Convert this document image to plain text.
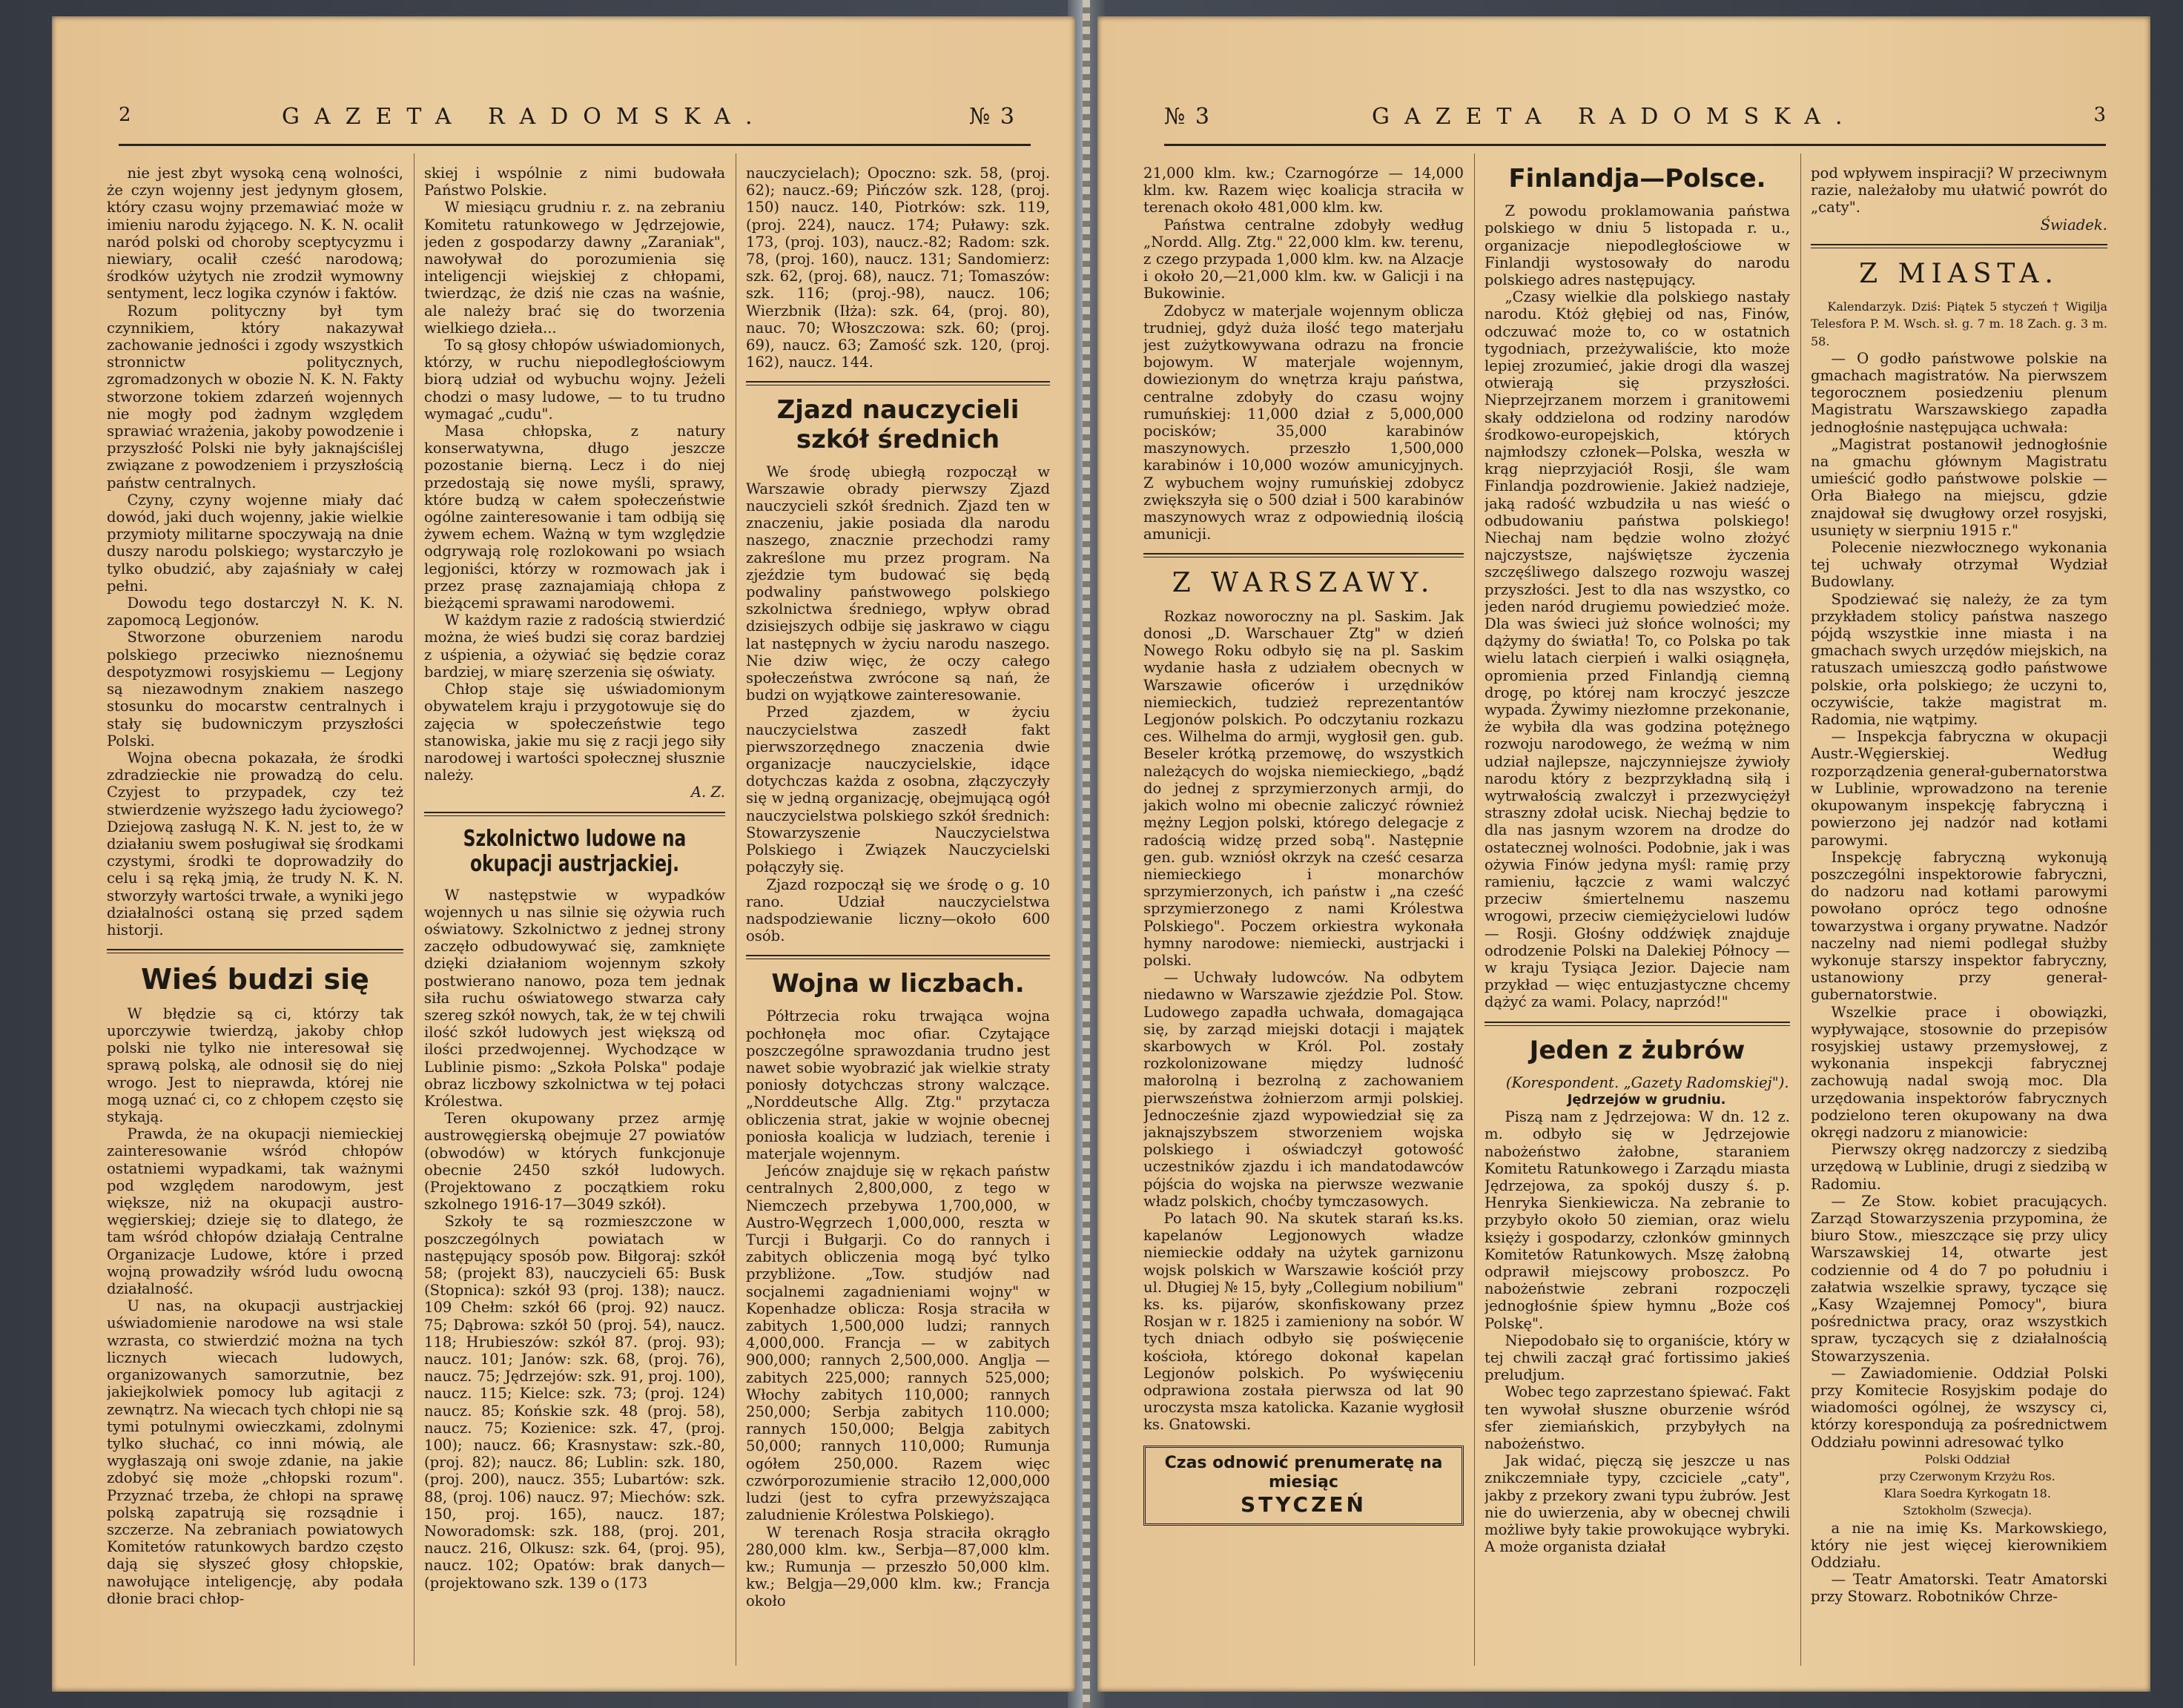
2	GAZETA RADOMSKA.	№ 3

nie jest zbyt wysoką ceną wolności, że czyn wojenny jest jedynym głosem, który czasu wojny przemawiać może w imieniu narodu żyjącego. N. K. N. ocalił naród polski od choroby sceptycyzmu i niewiary, ocalił cześć narodową; środków użytych nie zrodził wymowny sentyment, lecz logika czynów i faktów.

Rozum polityczny był tym czynnikiem, który nakazywał zachowanie jedności i zgody wszystkich stronnictw politycznych, zgromadzonych w obozie N. K. N. Fakty stworzone tokiem zdarzeń wojennych nie mogły pod żadnym względem sprawiać wrażenia, jakoby powodzenie i przyszłość Polski nie były jaknajściślej związane z powodzeniem i przyszłością państw centralnych.

Czyny, czyny wojenne miały dać dowód, jaki duch wojenny, jakie wielkie przymioty militarne spoczywają na dnie duszy narodu polskiego; wystarczyło je tylko obudzić, aby zajaśniały w całej pełni.

Dowodu tego dostarczył N. K. N. zapomocą Legjonów.

Stworzone oburzeniem narodu polskiego przeciwko nieznośnemu despotyzmowi rosyjskiemu — Legjony są niezawodnym znakiem naszego stosunku do mocarstw centralnych i stały się budowniczym przyszłości Polski.

Wojna obecna pokazała, że środki zdradzieckie nie prowadzą do celu. Czyjest to przypadek, czy też stwierdzenie wyższego ładu życiowego? Dziejową zasługą N. K. N. jest to, że w działaniu swem posługiwał się środkami czystymi, środki te doprowadziły do celu i są ręką jmią, że trudy N. K. N. stworzyły wartości trwałe, a wyniki jego działalności ostaną się przed sądem historji.

Wieś budzi się

W błędzie są ci, którzy tak uporczywie twierdzą, jakoby chłop polski nie tylko nie interesował się sprawą polską, ale odnosił się do niej wrogo. Jest to nieprawda, której nie mogą uznać ci, co z chłopem często się stykają.

Prawda, że na okupacji niemieckiej zainteresowanie wśród chłopów ostatniemi wypadkami, tak ważnymi pod względem narodowym, jest większe, niż na okupacji austro-węgierskiej; dzieje się to dlatego, że tam wśród chłopów działają Centralne Organizacje Ludowe, które i przed wojną prowadziły wśród ludu owocną działalność.

U nas, na okupacji austrjackiej uświadomienie narodowe na wsi stale wzrasta, co stwierdzić można na tych licznych wiecach ludowych, organizowanych samorzutnie, bez jakiejkolwiek pomocy lub agitacji z zewnątrz. Na wiecach tych chłopi nie są tymi potulnymi owieczkami, zdolnymi tylko słuchać, co inni mówią, ale wygłaszają oni swoje zdanie, na jakie zdobyć się może „chłopski rozum". Przyznać trzeba, że chłopi na sprawę polską zapatrują się rozsądnie i szczerze. Na zebraniach powiatowych Komitetów ratunkowych bardzo często dają się słyszeć głosy chłopskie, nawołujące inteligencję, aby podała dłonie braci chłop-

skiej i wspólnie z nimi budowała Państwo Polskie.

W miesiącu grudniu r. z. na zebraniu Komitetu ratunkowego w Jędrzejowie, jeden z gospodarzy dawny „Zaraniak", nawoływał do porozumienia się inteligencji wiejskiej z chłopami, twierdząc, że dziś nie czas na waśnie, ale należy brać się do tworzenia wielkiego dzieła...

To są głosy chłopów uświadomionych, którzy, w ruchu niepodległościowym biorą udział od wybuchu wojny. Jeżeli chodzi o masy ludowe, — to tu trudno wymagać „cudu".

Masa chłopska, z natury konserwatywna, długo jeszcze pozostanie bierną. Lecz i do niej przedostają się nowe myśli, sprawy, które budzą w całem społeczeństwie ogólne zainteresowanie i tam odbiją się żywem echem. Ważną w tym względzie odgrywają rolę rozlokowani po wsiach legjoniści, którzy w rozmowach jak i przez prasę zaznajamiają chłopa z bieżącemi sprawami narodowemi.

W każdym razie z radością stwierdzić można, że wieś budzi się coraz bardziej z uśpienia, a ożywiać się będzie coraz bardziej, w miarę szerzenia się oświaty.

Chłop staje się uświadomionym obywatelem kraju i przygotowuje się do zajęcia w społeczeństwie tego stanowiska, jakie mu się z racji jego siły narodowej i wartości społecznej słusznie należy.

A. Z.

Szkolnictwo ludowe na okupacji austrjackiej.

W następstwie w wypadków wojennych u nas silnie się ożywia ruch oświatowy. Szkolnictwo z jednej strony zaczęło odbudowywać się, zamknięte dzięki działaniom wojennym szkoły postwierano nanowo, poza tem jednak siła ruchu oświatowego stwarza cały szereg szkół nowych, tak, że w tej chwili ilość szkół ludowych jest większą od ilości przedwojennej. Wychodzące w Lublinie pismo: „Szkoła Polska" podaje obraz liczbowy szkolnictwa w tej połaci Królestwa.

Teren okupowany przez armję austrowęgierską obejmuje 27 powiatów (obwodów) w których funkcjonuje obecnie 2450 szkół ludowych. (Projektowano z początkiem roku szkolnego 1916-17—3049 szkół).

Szkoły te są rozmieszczone w poszczególnych powiatach w następujący sposób pow. Biłgoraj: szkół 58; (projekt 83), nauczycieli 65: Busk (Stopnica): szkół 93 (proj. 138); naucz. 109 Chełm: szkół 66 (proj. 92) naucz. 75; Dąbrowa: szkół 50 (proj. 54), naucz. 118; Hrubieszów: szkół 87. (proj. 93); naucz. 101; Janów: szk. 68, (proj. 76), naucz. 75; Jędrzejów: szk. 91, proj. 100), naucz. 115; Kielce: szk. 73; (proj. 124) naucz. 85; Końskie szk. 48 (proj. 58), naucz. 75; Kozienice: szk. 47, (proj. 100); naucz. 66; Krasnystaw: szk.-80, (proj. 82); naucz. 86; Lublin: szk. 180, (proj. 200), naucz. 355; Lubartów: szk. 88, (proj. 106) naucz. 97; Miechów: szk. 150, proj. 165), naucz. 187; Noworadomsk: szk. 188, (proj. 201, naucz. 216, Olkusz: szk. 64, (proj. 95), naucz. 102; Opatów: brak danych—(projektowano szk. 139 o (173

nauczycielach); Opoczno: szk. 58, (proj. 62); naucz.-69; Pińczów szk. 128, (proj. 150) naucz. 140, Piotrków: szk. 119, (proj. 224), naucz. 174; Puławy: szk. 173, (proj. 103), naucz.-82; Radom: szk. 78, (proj. 160), naucz. 131; Sandomierz: szk. 62, (proj. 68), naucz. 71; Tomaszów: szk. 116; (proj.-98), naucz. 106; Wierzbnik (Iłża): szk. 64, (proj. 80), nauc. 70; Włoszczowa: szk. 60; (proj. 69), naucz. 63; Zamość szk. 120, (proj. 162), naucz. 144.

Zjazd nauczycieli szkół średnich

We środę ubiegłą rozpoczął w Warszawie obrady pierwszy Zjazd nauczycieli szkół średnich. Zjazd ten w znaczeniu, jakie posiada dla narodu naszego, znacznie przechodzi ramy zakreślone mu przez program. Na zjeździe tym budować się będą podwaliny państwowego polskiego szkolnictwa średniego, wpływ obrad dzisiejszych odbije się jaskrawo w ciągu lat następnych w życiu narodu naszego. Nie dziw więc, że oczy całego społeczeństwa zwrócone są nań, że budzi on wyjątkowe zainteresowanie.

Przed zjazdem, w życiu nauczycielstwa zaszedł fakt pierwszorzędnego znaczenia dwie organizacje nauczycielskie, idące dotychczas każda z osobna, złączyczyły się w jedną organizację, obejmującą ogół nauczycielstwa polskiego szkół średnich: Stowarzyszenie Nauczycielstwa Polskiego i Związek Nauczycielski połączyły się.

Zjazd rozpoczął się we środę o g. 10 rano. Udział nauczycielstwa nadspodziewanie liczny—około 600 osób.

Wojna w liczbach.

Półtrzecia roku trwająca wojna pochłonęła moc ofiar. Czytające poszczególne sprawozdania trudno jest nawet sobie wyobrazić jak wielkie straty poniosły dotychczas strony walczące. „Norddeutsche Allg. Ztg." przytacza obliczenia strat, jakie w wojnie obecnej poniosła koalicja w ludziach, terenie i materjale wojennym.

Jeńców znajduje się w rękach państw centralnych 2,800,000, z tego w Niemczech przebywa 1,700,000, w Austro-Węgrzech 1,000,000, reszta w Turcji i Bułgarji. Co do rannych i zabitych obliczenia mogą być tylko przybliżone. „Tow. studjów nad socjalnemi zagadnieniami wojny" w Kopenhadze oblicza: Rosja straciła w zabitych 1,500,000 ludzi; rannych 4,000,000. Francja — w zabitych 900,000; rannych 2,500,000. Anglja — zabitych 225,000; rannych 525,000; Włochy zabitych 110,000; rannych 250,000; Serbja zabitych 110.000; rannych 150,000; Belgja zabitych 50,000; rannych 110,000; Rumunja ogółem 250,000. Razem więc czwórporozumienie straciło 12,000,000 ludzi (jest to cyfra przewyższająca zaludnienie Królestwa Polskiego).

W terenach Rosja straciła okrągło 280,000 klm. kw., Serbja—87,000 klm. kw.; Rumunja — przeszło 50,000 klm. kw.; Belgja—29,000 klm. kw.; Francja około

№ 3	GAZETA RADOMSKA.	3

21,000 klm. kw.; Czarnogórze — 14,000 klm. kw. Razem więc koalicja straciła w terenach około 481,000 klm. kw.

Państwa centralne zdobyły według „Nordd. Allg. Ztg." 22,000 klm. kw. terenu, z czego przypada 1,000 klm. kw. na Alzacje i około 20,—21,000 klm. kw. w Galicji i na Bukowinie.

Zdobycz w materjale wojennym oblicza trudniej, gdyż duża ilość tego materjału jest zużytkowywana odrazu na froncie bojowym. W materjale wojennym, dowiezionym do wnętrza kraju państwa, centralne zdobyły do czasu wojny rumuńskiej: 11,000 dział z 5,000,000 pocisków; 35,000 karabinów maszynowych. przeszło 1,500,000 karabinów i 10,000 wozów amunicyjnych. Z wybuchem wojny rumuńskiej zdobycz zwiększyła się o 500 dział i 500 karabinów maszynowych wraz z odpowiednią ilością amunicji.

Z WARSZAWY.

Rozkaz noworoczny na pl. Saskim. Jak donosi „D. Warschauer Ztg" w dzień Nowego Roku odbyło się na pl. Saskim wydanie hasła z udziałem obecnych w Warszawie oficerów i urzędników niemieckich, tudzież reprezentantów Legjonów polskich. Po odczytaniu rozkazu ces. Wilhelma do armji, wygłosił gen. gub. Beseler krótką przemowę, do wszystkich należących do wojska niemieckiego, „bądź do jednej z sprzymierzonych armji, do jakich wolno mi obecnie zaliczyć również mężny Legjon polski, którego delegacje z radością widzę przed sobą". Następnie gen. gub. wzniósł okrzyk na cześć cesarza niemieckiego i monarchów sprzymierzonych, ich państw i „na cześć sprzymierzonego z nami Królestwa Polskiego". Poczem orkiestra wykonała hymny narodowe: niemiecki, austrjacki i polski.

— Uchwały ludowców. Na odbytem niedawno w Warszawie zjeździe Pol. Stow. Ludowego zapadła uchwała, domagająca się, by zarząd miejski dotacji i majątek skarbowych w Król. Pol. zostały rozkolonizowane między ludność małorolną i bezrolną z zachowaniem pierwszeństwa żołnierzom armji polskiej. Jednocześnie zjazd wypowiedział się za jaknajszybszem stworzeniem wojska polskiego i oświadczył gotowość uczestników zjazdu i ich mandatodawców pójścia do wojska na pierwsze wezwanie władz polskich, choćby tymczasowych.

Po latach 90. Na skutek starań ks.ks. kapelanów Legjonowych władze niemieckie oddały na użytek garnizonu wojsk polskich w Warszawie kościół przy ul. Długiej № 15, były „Collegium nobilium" ks. ks. pijarów, skonfiskowany przez Rosjan w r. 1825 i zamieniony na sobór. W tych dniach odbyło się poświęcenie kościoła, którego dokonał kapelan Legjonów polskich. Po wyświęceniu odprawiona została pierwsza od lat 90 uroczysta msza katolicka. Kazanie wygłosił ks. Gnatowski.

Czas odnowić prenumeratę na miesiąc
STYCZEŃ
Finlandja—Polsce.

Z powodu proklamowania państwa polskiego w dniu 5 listopada r. u., organizacje niepodległościowe w Finlandji wystosowały do narodu polskiego adres następujący.

„Czasy wielkie dla polskiego nastały narodu. Któż głębiej od nas, Finów, odczuwać może to, co w ostatnich tygodniach, przeżywaliście, kto może lepiej zrozumieć, jakie drogi dla waszej otwierają się przyszłości. Nieprzejrzanem morzem i granitowemi skały oddzielona od rodziny narodów środkowo-europejskich, których najmłodszy członek—Polska, weszła w krąg nieprzyjaciół Rosji, śle wam Finlandja pozdrowienie. Jakież nadzieje, jaką radość wzbudziła u nas wieść o odbudowaniu państwa polskiego! Niechaj nam będzie wolno złożyć najczystsze, najświętsze życzenia szczęśliwego dalszego rozwoju waszej przyszłości. Jest to dla nas wszystko, co jeden naród drugiemu powiedzieć może. Dla was świeci już słońce wolności; my dążymy do światła! To, co Polska po tak wielu latach cierpień i walki osiągnęła, opromienia przed Finlandją ciemną drogę, po której nam kroczyć jeszcze wypada. Żywimy niezłomne przekonanie, że wybiła dla was godzina potężnego rozwoju narodowego, że weźmą w nim udział najlepsze, najczynniejsze żywioły narodu który z bezprzykładną siłą i wytrwałością zwalczył i przezwyciężył straszny zdołał ucisk. Niechaj będzie to dla nas jasnym wzorem na drodze do ostatecznej wolności. Podobnie, jak i was ożywia Finów jedyna myśl: ramię przy ramieniu, łączcie z wami walczyć przeciw śmiertelnemu naszemu wrogowi, przeciw ciemiężycielowi ludów — Rosji. Głośny oddźwięk znajduje odrodzenie Polski na Dalekiej Północy — w kraju Tysiąca Jezior. Dajecie nam przykład — więc entuzjastyczne chcemy dążyć za wami. Polacy, naprzód!"

Jeden z żubrów

(Korespondent. „Gazety Radomskiej").

Jędrzejów w grudniu.

Piszą nam z Jędrzejowa: W dn. 12 z. m. odbyło się w Jędrzejowie nabożeństwo żałobne, staraniem Komitetu Ratunkowego i Zarządu miasta Jędrzejowa, za spokój duszy ś. p. Henryka Sienkiewicza. Na zebranie to przybyło około 50 ziemian, oraz wielu księży i gospodarzy, członków gminnych Komitetów Ratunkowych. Mszę żałobną odprawił miejscowy proboszcz. Po nabożeństwie zebrani rozpoczęli jednogłośnie śpiew hymnu „Boże coś Polskę".

Niepodobało się to organiście, który w tej chwili zaczął grać fortissimo jakieś preludjum.

Wobec tego zaprzestano śpiewać. Fakt ten wywołał słuszne oburzenie wśród sfer ziemiańskich, przybyłych na nabożeństwo.

Jak widać, pięczą się jeszcze u nas znikczemniałe typy, czciciele „caty", jakby z przekory zwani typu żubrów. Jest nie do uwierzenia, aby w obecnej chwili możliwe były takie prowokujące wybryki. A może organista działał

pod wpływem inspiracji? W przeciwnym razie, należałoby mu ułatwić powrót do „caty".

Świadek.

Z MIASTA.

Kalendarzyk. Dziś: Piątek 5 styczeń † Wigilja Telesfora P. M. Wsch. sł. g. 7 m. 18 Zach. g. 3 m. 58.

— O godło państwowe polskie na gmachach magistratów. Na pierwszem tegorocznem posiedzeniu plenum Magistratu Warszawskiego zapadła jednogłośnie następująca uchwała:

„Magistrat postanowił jednogłośnie na gmachu głównym Magistratu umieścić godło państwowe polskie — Orła Białego na miejscu, gdzie znajdował się dwugłowy orzeł rosyjski, usunięty w sierpniu 1915 r."

Polecenie niezwłocznego wykonania tej uchwały otrzymał Wydział Budowlany.

Spodziewać się należy, że za tym przykładem stolicy państwa naszego pójdą wszystkie inne miasta i na gmachach swych urzędów miejskich, na ratuszach umieszczą godło państwowe polskie, orła polskiego; że uczyni to, oczywiście, także magistrat m. Radomia, nie wątpimy.

— Inspekcja fabryczna w okupacji Austr.-Węgierskiej. Według rozporządzenia generał-gubernatorstwa w Lublinie, wprowadzono na terenie okupowanym inspekcję fabryczną i powierzono jej nadzór nad kotłami parowymi.

Inspekcję fabryczną wykonują poszczególni inspektorowie fabryczni, do nadzoru nad kotłami parowymi powołano oprócz tego odnośne towarzystwa i organy prywatne. Nadzór naczelny nad niemi podlegał służby wykonuje starszy inspektor fabryczny, ustanowiony przy generał-gubernatorstwie.

Wszelkie prace i obowiązki, wypływające, stosownie do przepisów rosyjskiej ustawy przemysłowej, z wykonania inspekcji fabrycznej zachowują nadal swoją moc. Dla urzędowania inspektorów fabrycznych podzielono teren okupowany na dwa okręgi nadzoru z mianowicie:

Pierwszy okręg nadzorczy z siedzibą urzędową w Lublinie, drugi z siedzibą w Radomiu.

— Ze Stow. kobiet pracujących. Zarząd Stowarzyszenia przypomina, że biuro Stow., mieszczące się przy ulicy Warszawskiej 14, otwarte jest codziennie od 4 do 7 po południu i załatwia wszelkie sprawy, tyczące się „Kasy Wzajemnej Pomocy", biura pośrednictwa pracy, oraz wszystkich spraw, tyczących się z działalnością Stowarzyszenia.

— Zawiadomienie. Oddział Polski przy Komitecie Rosyjskim podaje do wiadomości ogólnej, że wszyscy ci, którzy korespondują za pośrednictwem Oddziału powinni adresować tylko

Polski Oddział

przy Czerwonym Krzyżu Ros.

Klara Soedra Kyrkogatn 18.

Sztokholm (Szwecja).

a nie na imię Ks. Markowskiego, który nie jest więcej kierownikiem Oddziału.

— Teatr Amatorski. Teatr Amatorski przy Stowarz. Robotników Chrze-
